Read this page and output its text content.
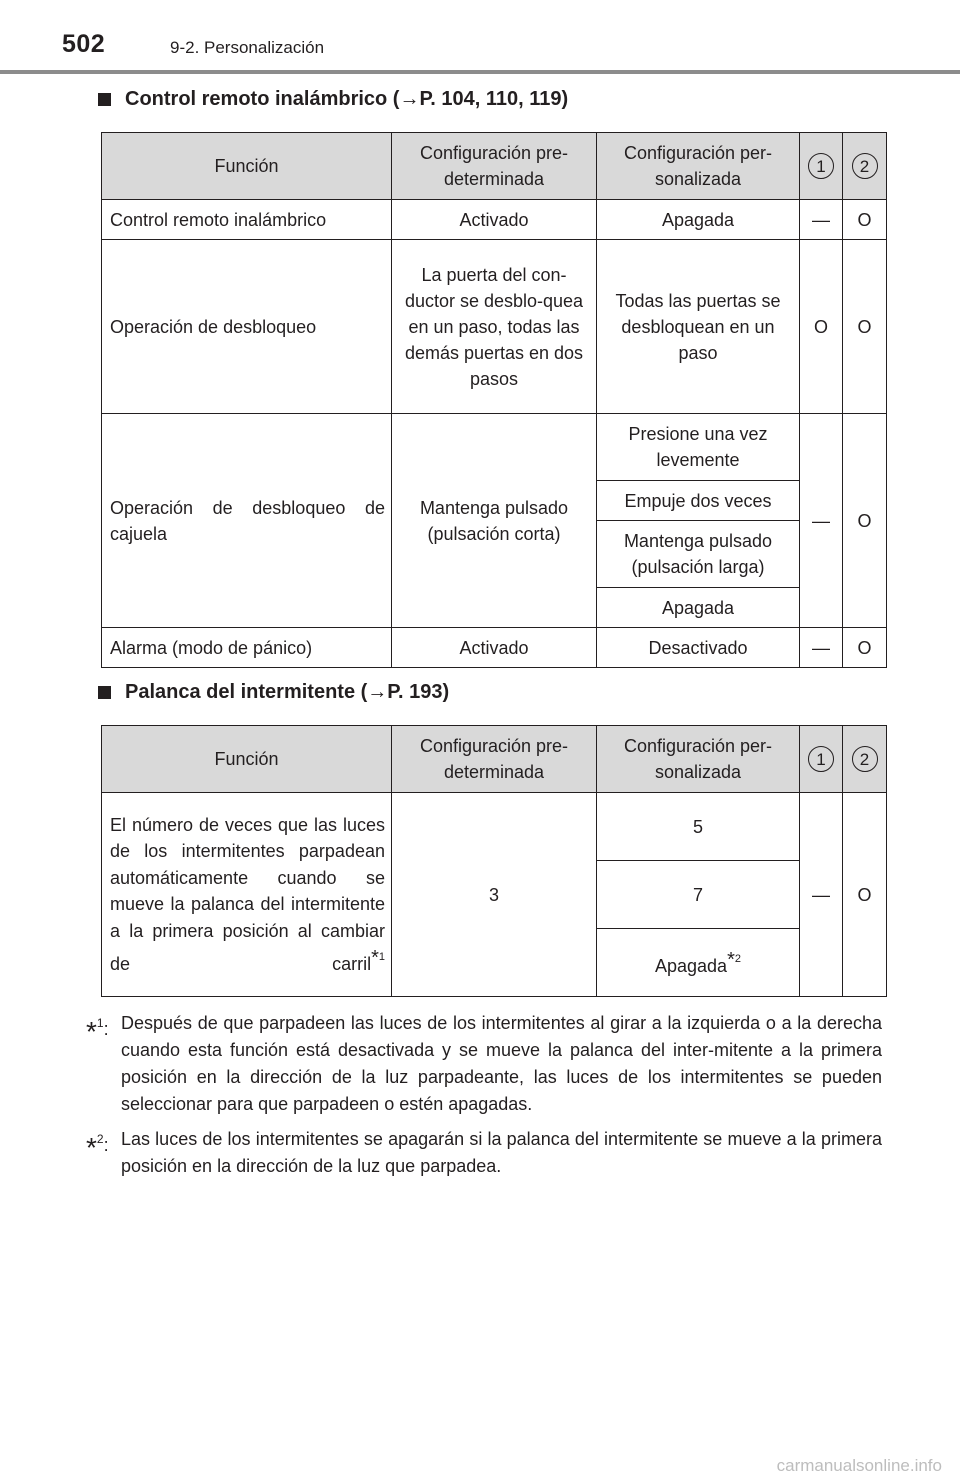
502	9-2. Personalización
Control remoto inalámbrico (→P. 104, 110, 119)
Función	Configuración pre-determinada	Configuración per-sonalizada	1	2
Control remoto inalámbrico	Activado	Apagada	—	O
Operación de desbloqueo	La puerta del con-ductor se desblo-quea en un paso, todas las demás puertas en dos pasos	Todas las puertas se desbloquean en un paso	O	O
Operación de desbloqueo de cajuela	Mantenga pulsado (pulsación corta)	Presione una vez levemente	—	O
		Empuje dos veces		
		Mantenga pulsado (pulsación larga)		
		Apagada		
Alarma (modo de pánico)	Activado	Desactivado	—	O
Palanca del intermitente (→P. 193)
Función	Configuración pre-determinada	Configuración per-sonalizada	1	2
El número de veces que las luces de los intermitentes parpadean automáticamente cuando se mueve la palanca del intermitente a la primera posición al cambiar de carril$^{*1}$	3	5	—	O
		7		
		Apagada$^{*2}$
*$^1$: Después de que parpadeen las luces de los intermitentes al girar a la izquierda o a la derecha cuando esta función está desactivada y se mueve la palanca del inter-mitente a la primera posición en la dirección de la luz parpadeante, las luces de los intermitentes se pueden seleccionar para que parpadeen o estén apagadas.
*$^2$: Las luces de los intermitentes se apagarán si la palanca del intermitente se mueve a la primera posición en la dirección de la luz que parpadea.
carmanualsonline.info
